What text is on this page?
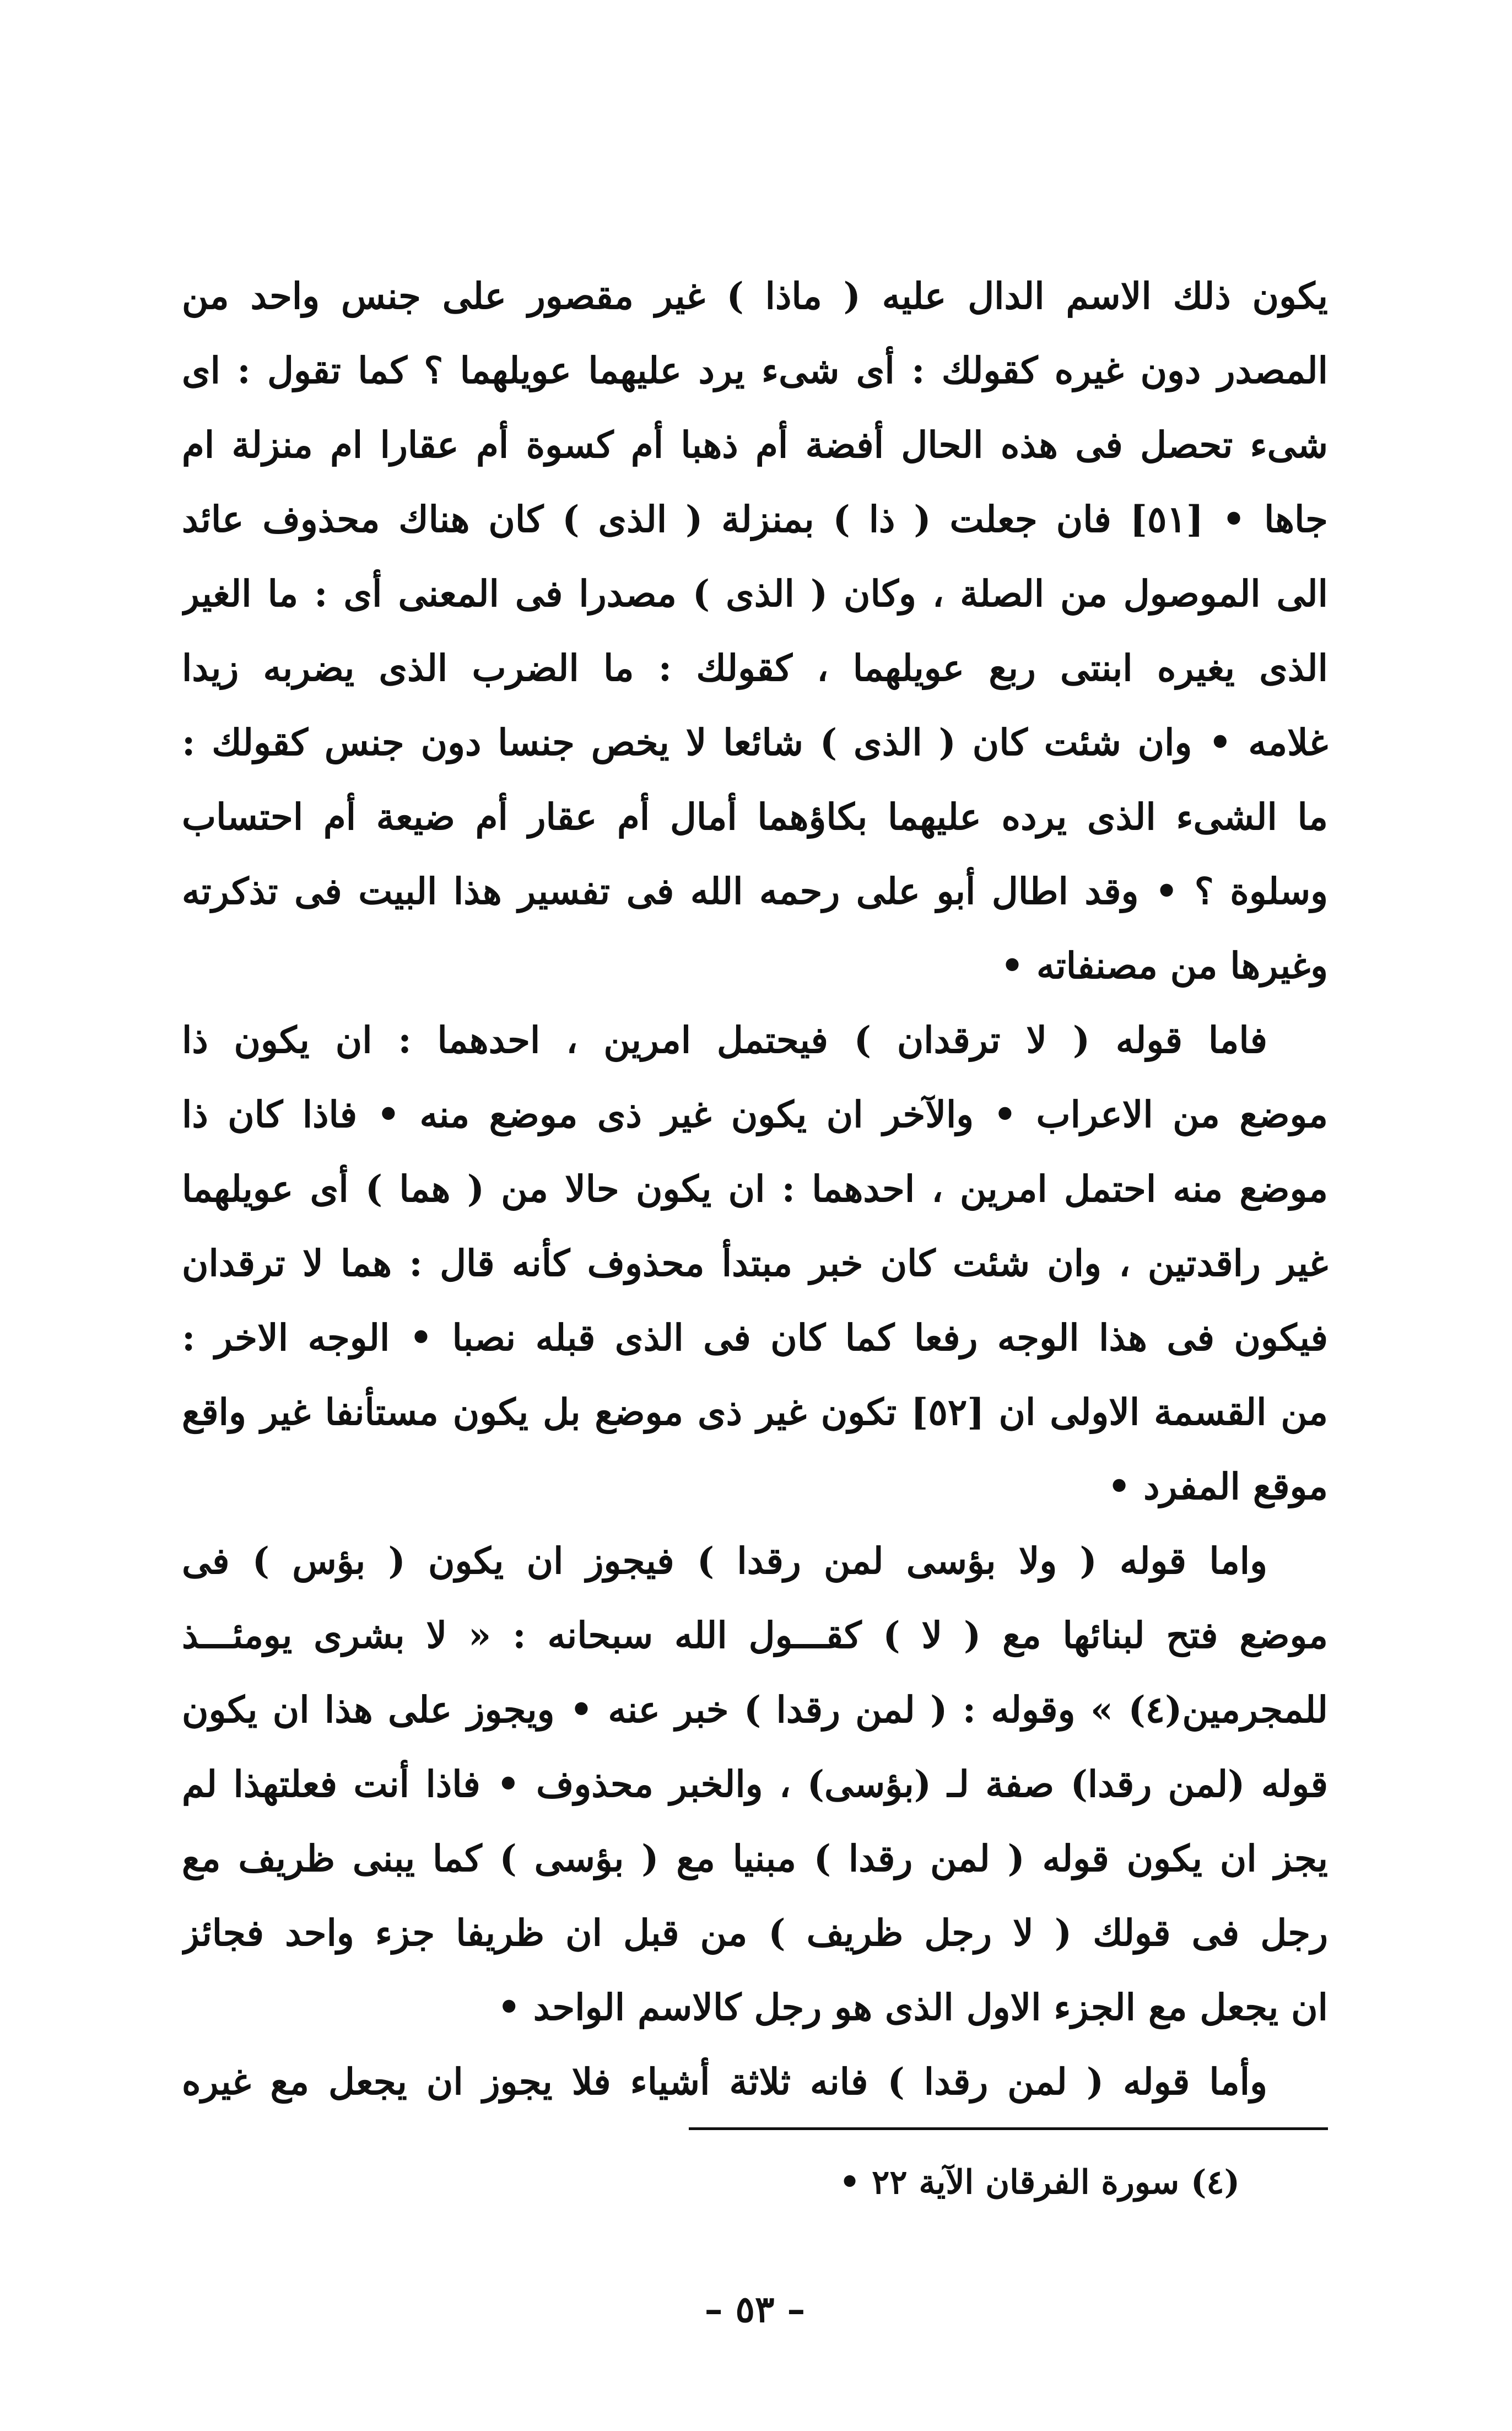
يكون ذلك الاسم الدال عليه ( ماذا ) غير مقصور على جنس واحد من
المصدر دون غيره كقولك : أى شىء يرد عليهما عويلهما ؟ كما تقول : اى
شىء تحصل فى هذه الحال أفضة أم ذهبا أم كسوة أم عقارا ام منزلة ام
جاها • [٥١] فان جعلت ( ذا ) بمنزلة ( الذى ) كان هناك محذوف عائد
الى الموصول من الصلة ، وكان ( الذى ) مصدرا فى المعنى أى : ما الغير
الذى يغيره ابنتى ربع عويلهما ، كقولك : ما الضرب الذى يضربه زيدا
غلامه • وان شئت كان ( الذى ) شائعا لا يخص جنسا دون جنس كقولك :
ما الشىء الذى يرده عليهما بكاؤهما أمال أم عقار أم ضيعة أم احتساب
وسلوة ؟ • وقد اطال أبو على رحمه الله فى تفسير هذا البيت فى تذكرته
وغيرها من مصنفاته •
فاما قوله ( لا ترقدان ) فيحتمل امرين ، احدهما : ان يكون ذا
موضع من الاعراب • والآخر ان يكون غير ذى موضع منه • فاذا كان ذا
موضع منه احتمل امرين ، احدهما : ان يكون حالا من ( هما ) أى عويلهما
غير راقدتين ، وان شئت كان خبر مبتدأ محذوف كأنه قال : هما لا ترقدان
فيكون فى هذا الوجه رفعا كما كان فى الذى قبله نصبا • الوجه الاخر :
من القسمة الاولى ان [٥٢] تكون غير ذى موضع بل يكون مستأنفا غير واقع
موقع المفرد •
واما قوله ( ولا بؤسى لمن رقدا ) فيجوز ان يكون ( بؤس ) فى
موضع فتح لبنائها مع ( لا ) كقـــول الله سبحانه : « لا بشرى يومئـــذ
للمجرمين(٤) » وقوله : ( لمن رقدا ) خبر عنه • ويجوز على هذا ان يكون
قوله (لمن رقدا) صفة لـ (بؤسى) ، والخبر محذوف • فاذا أنت فعلتهذا لم
يجز ان يكون قوله ( لمن رقدا ) مبنيا مع ( بؤسى ) كما يبنى ظريف مع
رجل فى قولك ( لا رجل ظريف ) من قبل ان ظريفا جزء واحد فجائز
ان يجعل مع الجزء الاول الذى هو رجل كالاسم الواحد •
وأما قوله ( لمن رقدا ) فانه ثلاثة أشياء فلا يجوز ان يجعل مع غيره
(٤) سورة الفرقان الآية ٢٢ •
– ٥٣ –
